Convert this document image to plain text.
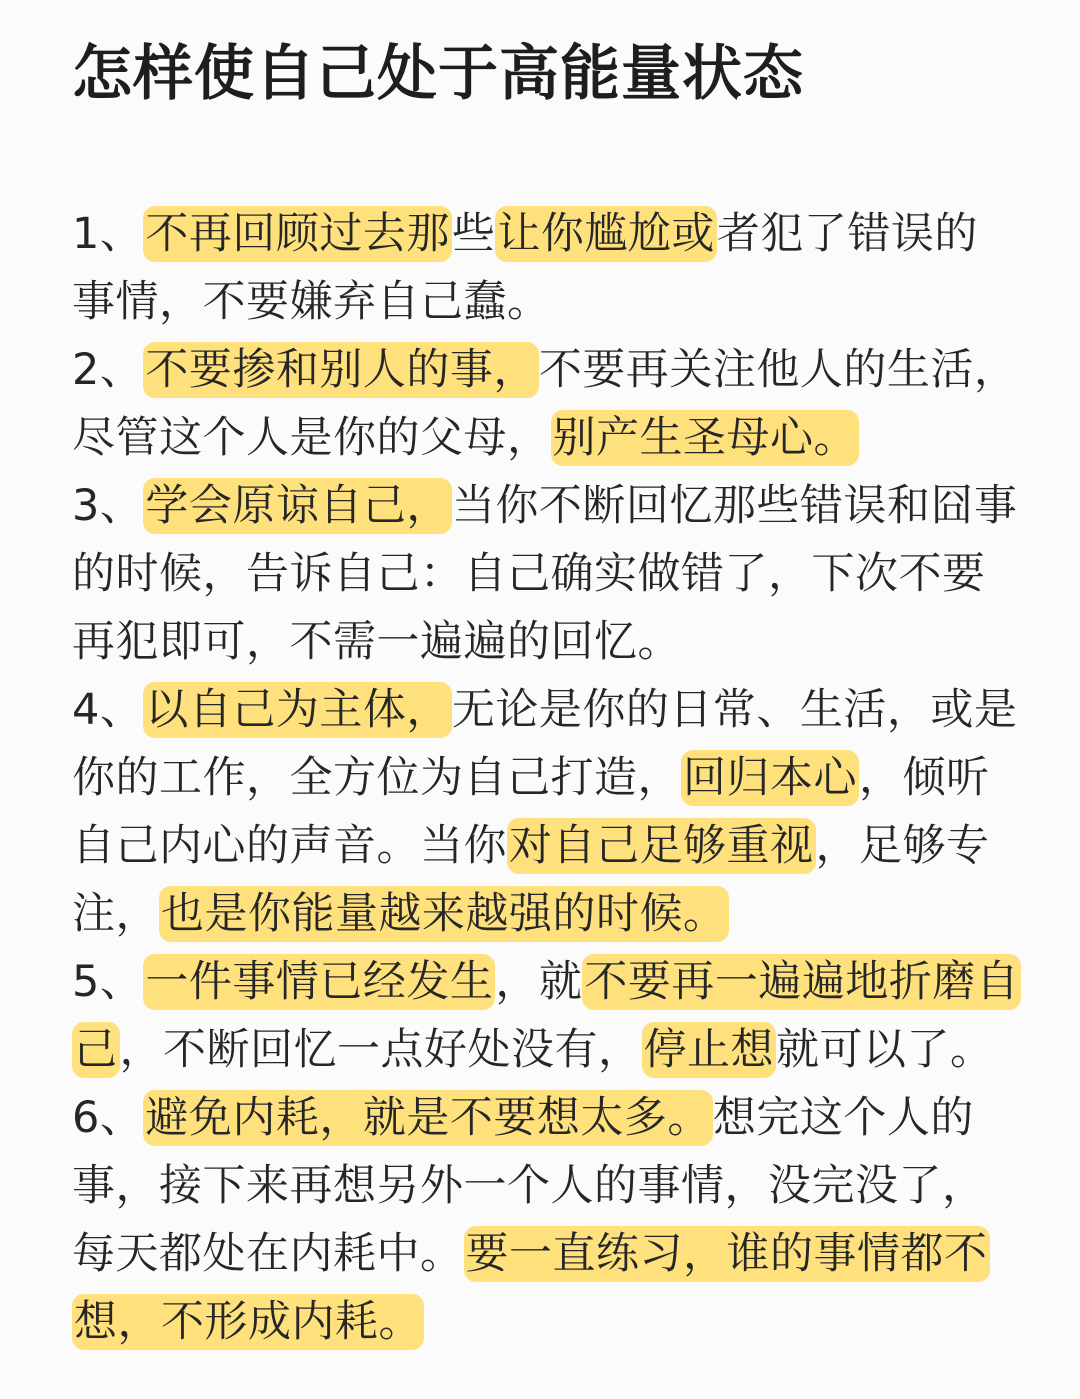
怎样使自己处于高能量状态

1、不再回顾过去那些让你尴尬或者犯了错误的事情，不要嫌弃自己蠢。

2、不要掺和别人的事，不要再关注他人的生活，尽管这个人是你的父母，别产生圣母心。

3、学会原谅自己，当你不断回忆那些错误和囧事的时候，告诉自己：自己确实做错了，下次不要再犯即可，不需一遍遍的回忆。

4、以自己为主体，无论是你的日常、生活，或是你的工作，全方位为自己打造，回归本心，倾听自己内心的声音。当你对自己足够重视，足够专注，也是你能量越来越强的时候。

5、一件事情已经发生，就不要再一遍遍地折磨自己，不断回忆一点好处没有，停止想就可以了。

6、避免内耗，就是不要想太多。想完这个人的事，接下来再想另外一个人的事情，没完没了，每天都处在内耗中。要一直练习，谁的事情都不想，不形成内耗。
